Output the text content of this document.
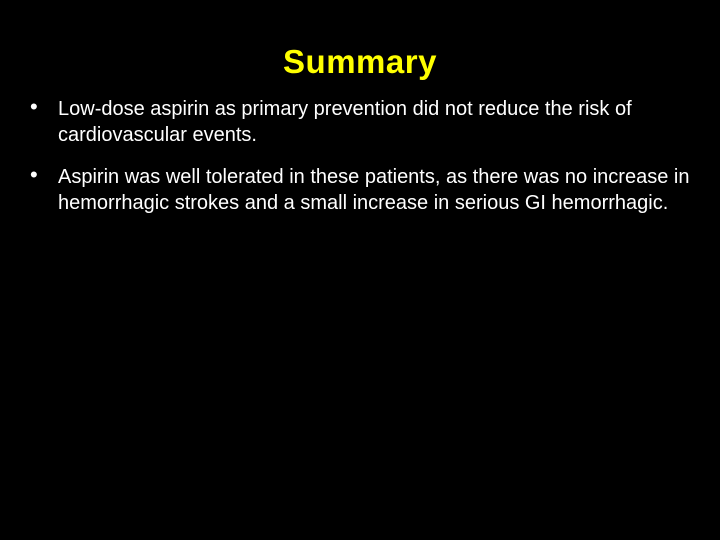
Summary
• Low-dose aspirin as primary prevention did not reduce the risk of cardiovascular events.
• Aspirin was well tolerated in these patients, as there was no increase in hemorrhagic strokes and a small increase in serious GI hemorrhagic.
